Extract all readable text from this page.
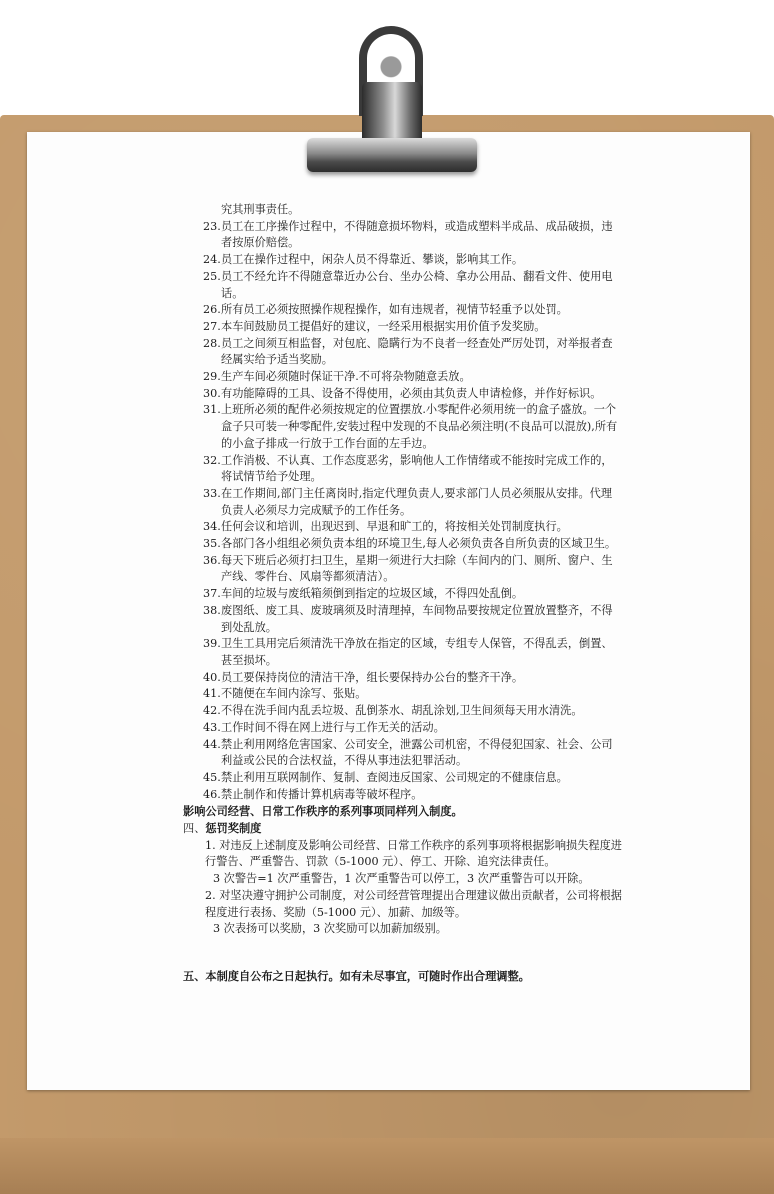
究其刑事责任。
23. 员工在工序操作过程中，不得随意损坏物料，或造成塑料半成品、成品破损，违者按原价赔偿。
24. 员工在操作过程中，闲杂人员不得靠近、攀谈，影响其工作。
25. 员工不经允许不得随意靠近办公台、坐办公椅、拿办公用品、翻看文件、使用电话。
26. 所有员工必须按照操作规程操作，如有违规者，视情节轻重予以处罚。
27. 本车间鼓励员工提倡好的建议，一经采用根据实用价值予发奖励。
28. 员工之间须互相监督，对包庇、隐瞒行为不良者一经查处严厉处罚，对举报者查经属实给予适当奖励。
29. 生产车间必须随时保证干净.不可将杂物随意丢放。
30. 有功能障碍的工具、设备不得使用，必须由其负责人申请检修，并作好标识。
31. 上班所必须的配件必须按规定的位置摆放.小零配件必须用统一的盒子盛放。一个盒子只可装一种零配件,安装过程中发现的不良品必须注明(不良品可以混放),所有的小盒子排成一行放于工作台面的左手边。
32. 工作消极、不认真、工作态度恶劣，影响他人工作情绪或不能按时完成工作的，将试情节给予处理。
33. 在工作期间,部门主任离岗时,指定代理负责人,要求部门人员必须服从安排。代理负责人必须尽力完成赋予的工作任务。
34. 任何会议和培训，出现迟到、早退和旷工的，将按相关处罚制度执行。
35. 各部门各小组组必须负责本组的环境卫生,每人必须负责各自所负责的区域卫生。
36. 每天下班后必须打扫卫生，星期一须进行大扫除（车间内的门、厕所、窗户、生产线、零件台、风扇等都须清洁）。
37. 车间的垃圾与废纸箱须倒到指定的垃圾区域，不得四处乱倒。
38. 废图纸、废工具、废玻璃须及时清理掉，车间物品要按规定位置放置整齐，不得到处乱放。
39. 卫生工具用完后须清洗干净放在指定的区域，专组专人保管，不得乱丢，倒置、甚至损坏。
40. 员工要保持岗位的清洁干净，组长要保持办公台的整齐干净。
41. 不随便在车间内涂写、张贴。
42. 不得在洗手间内乱丢垃圾、乱倒茶水、胡乱涂划,卫生间须每天用水清洗。
43. 工作时间不得在网上进行与工作无关的活动。
44. 禁止利用网络危害国家、公司安全，泄露公司机密，不得侵犯国家、社会、公司利益或公民的合法权益，不得从事违法犯罪活动。
45. 禁止利用互联网制作、复制、查阅违反国家、公司规定的不健康信息。
46. 禁止制作和传播计算机病毒等破坏程序。
影响公司经营、日常工作秩序的系列事项同样列入制度。
四、惩罚奖制度
1. 对违反上述制度及影响公司经营、日常工作秩序的系列事项将根据影响损失程度进行警告、严重警告、罚款（5-1000 元）、停工、开除、追究法律责任。
3 次警告=1 次严重警告，1 次严重警告可以停工，3 次严重警告可以开除。
2. 对坚决遵守拥护公司制度，对公司经营管理提出合理建议做出贡献者，公司将根据程度进行表扬、奖励（5-1000 元）、加薪、加级等。
3 次表扬可以奖励，3 次奖励可以加薪加级别。
五、本制度自公布之日起执行。如有未尽事宜，可随时作出合理调整。
